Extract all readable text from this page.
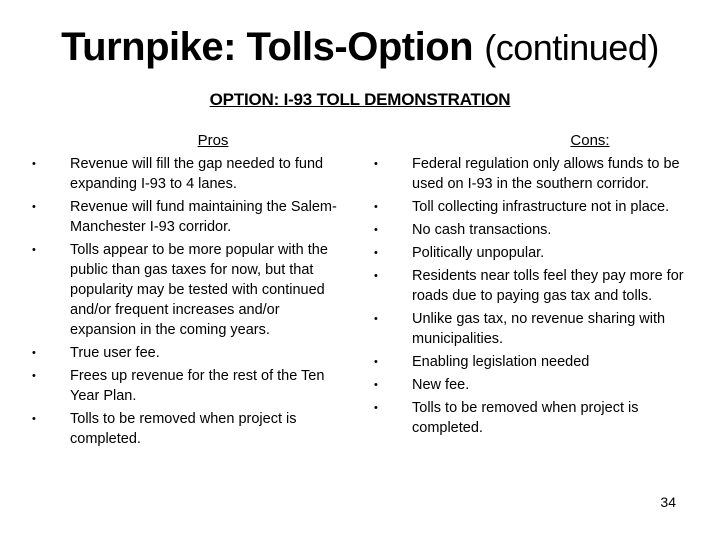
Turnpike: Tolls-Option (continued)
OPTION: I-93 TOLL DEMONSTRATION
Pros
• Revenue will fill the gap needed to fund expanding I-93 to 4 lanes.
• Revenue will fund maintaining the Salem-Manchester I-93 corridor.
• Tolls appear to be more popular with the public than gas taxes for now, but that popularity may be tested with continued and/or frequent increases and/or expansion in the coming years.
• True user fee.
• Frees up revenue for the rest of the Ten Year Plan.
• Tolls to be removed when project is completed.
Cons:
• Federal regulation only allows funds to be used on I-93 in the southern corridor.
• Toll collecting infrastructure not in place.
• No cash transactions.
• Politically unpopular.
• Residents near tolls feel they pay more for roads due to paying gas tax and tolls.
• Unlike gas tax, no revenue sharing with municipalities.
• Enabling legislation needed
• New fee.
• Tolls to be removed when project is completed.
34
